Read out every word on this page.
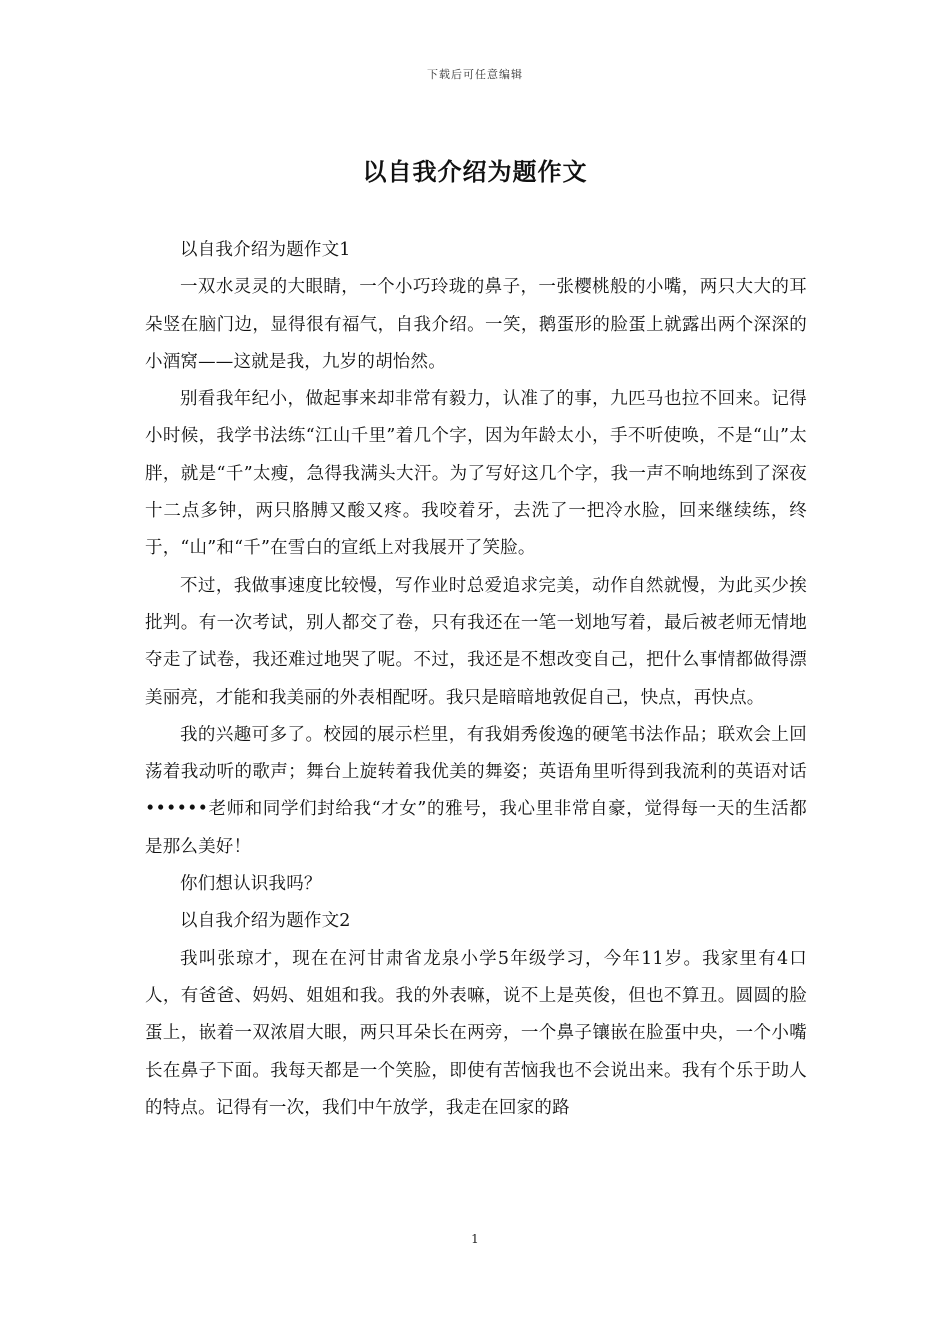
下载后可任意编辑
以自我介绍为题作文

以自我介绍为题作文1

一双水灵灵的大眼睛，一个小巧玲珑的鼻子，一张樱桃般的小嘴，两只大大的耳朵竖在脑门边，显得很有福气，自我介绍。一笑，鹅蛋形的脸蛋上就露出两个深深的小酒窝——这就是我，九岁的胡怡然。

别看我年纪小，做起事来却非常有毅力，认准了的事，九匹马也拉不回来。记得小时候，我学书法练“江山千里”着几个字，因为年龄太小，手不听使唤，不是“山”太胖，就是“千”太瘦，急得我满头大汗。为了写好这几个字，我一声不响地练到了深夜十二点多钟，两只胳膊又酸又疼。我咬着牙，去洗了一把冷水脸，回来继续练，终于，“山”和“千”在雪白的宣纸上对我展开了笑脸。

不过，我做事速度比较慢，写作业时总爱追求完美，动作自然就慢，为此买少挨批判。有一次考试，别人都交了卷，只有我还在一笔一划地写着，最后被老师无情地夺走了试卷，我还难过地哭了呢。不过，我还是不想改变自己，把什么事情都做得漂美丽亮，才能和我美丽的外表相配呀。我只是暗暗地敦促自己，快点，再快点。

我的兴趣可多了。校园的展示栏里，有我娟秀俊逸的硬笔书法作品；联欢会上回荡着我动听的歌声；舞台上旋转着我优美的舞姿；英语角里听得到我流利的英语对话••••••老师和同学们封给我“才女”的雅号，我心里非常自豪，觉得每一天的生活都是那么美好！

你们想认识我吗？

以自我介绍为题作文2

我叫张琼才，现在在河甘肃省龙泉小学5年级学习，今年11岁。我家里有4口人，有爸爸、妈妈、姐姐和我。我的外表嘛，说不上是英俊，但也不算丑。圆圆的脸蛋上，嵌着一双浓眉大眼，两只耳朵长在两旁，一个鼻子镶嵌在脸蛋中央，一个小嘴长在鼻子下面。我每天都是一个笑脸，即使有苦恼我也不会说出来。我有个乐于助人的特点。记得有一次，我们中午放学，我走在回家的路

1
